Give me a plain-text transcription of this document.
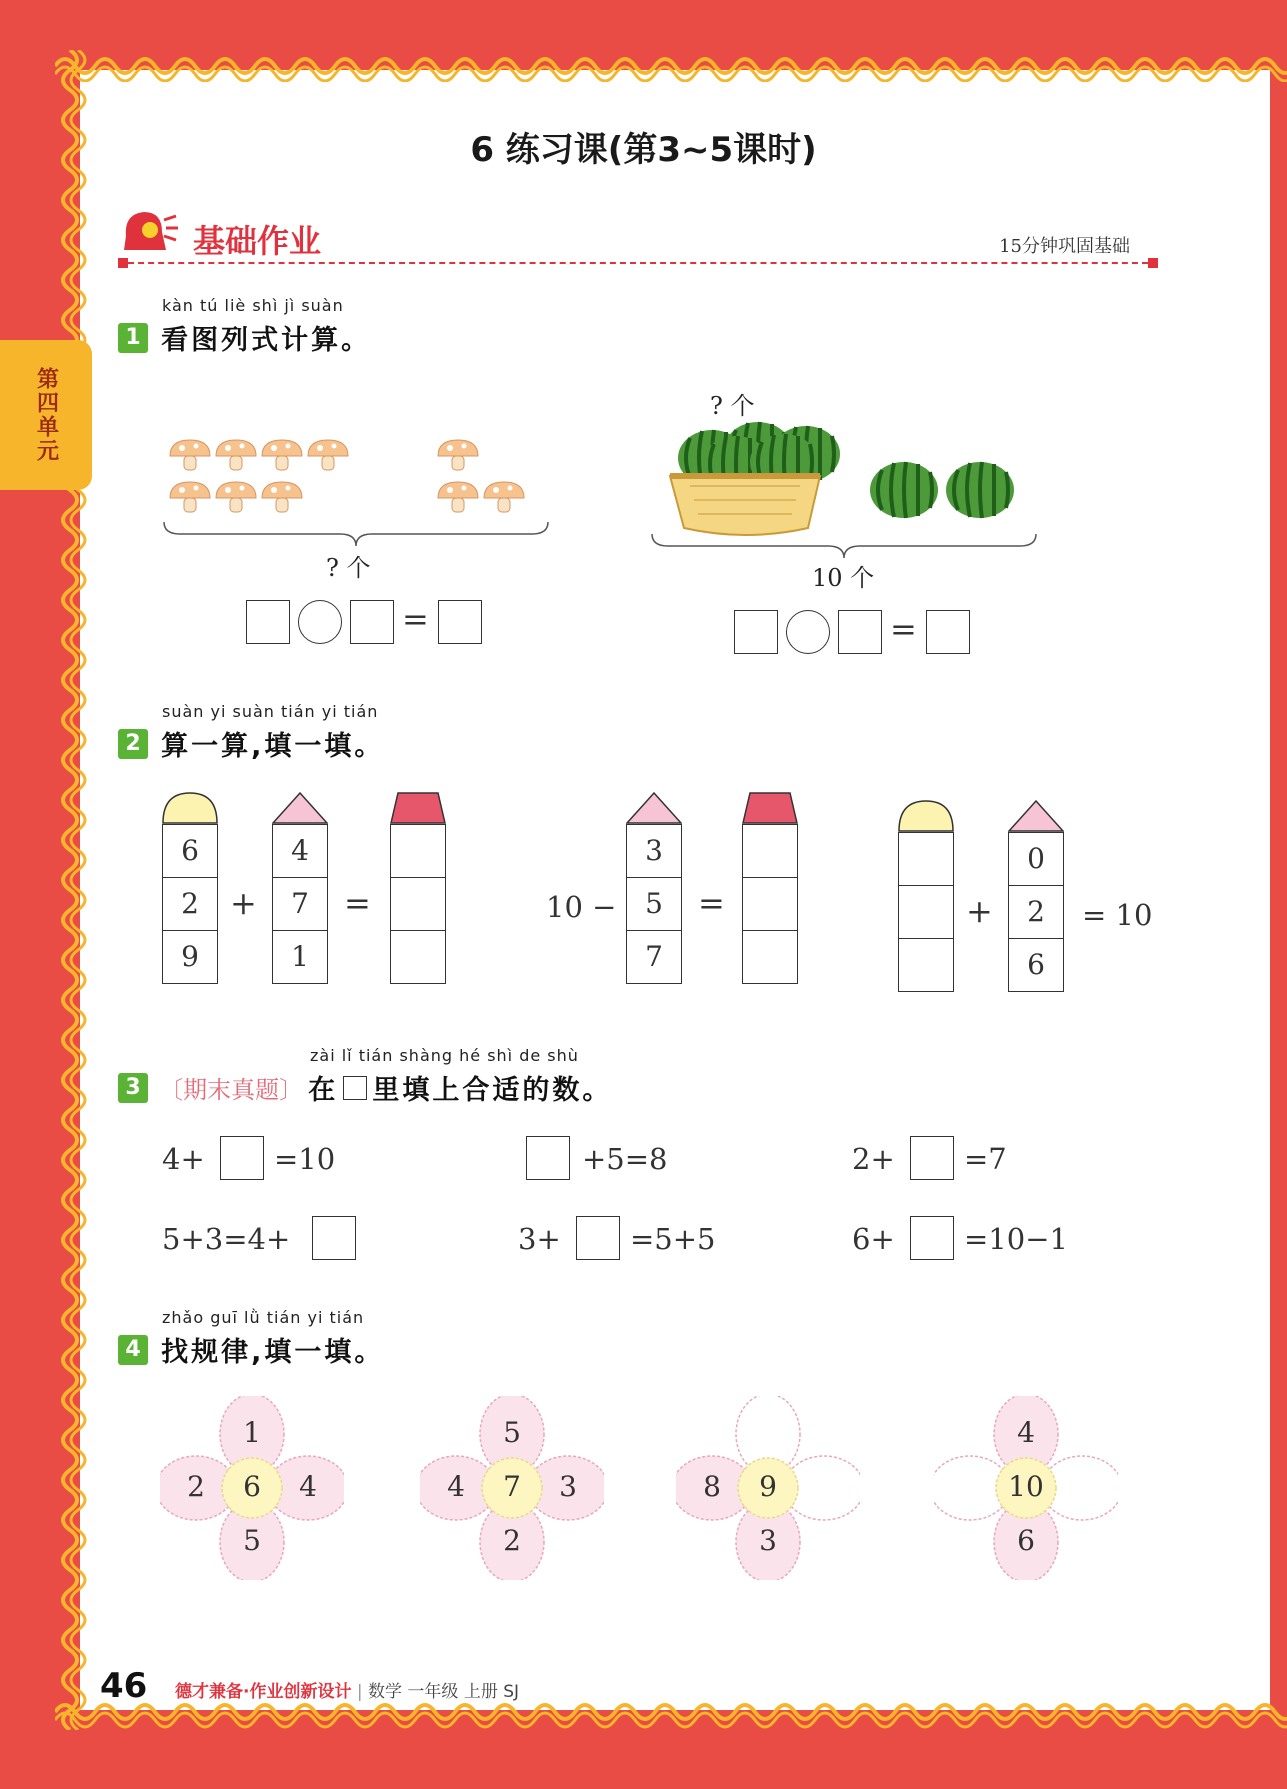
第四单元
6 练习课(第3~5课时)
基础作业	15分钟巩固基础
kàn tú liè shì jì suàn
1 看图列式计算。
? 个
=
? 个
10 个
=
suàn yi suàn tián yi tián
2 算一算,填一填。
6
2
9
+
4
7
1
=	10 −
3
5
7
=	+
0
2
6
= 10
zài lǐ tián shàng hé shì de shù
3 〔期末真题〕 在 里填上合适的数。
4+ =10	+5=8	2+ =7
5+3=4+	3+ =5+5	6+ =10−1
zhǎo guī lǜ tián yi tián
4 找规律,填一填。
6
1
2	4
5
7
5
4	3
2
9
8
3
10
4
6
46 德才兼备·作业创新设计 | 数学 一年级 上册 SJ
